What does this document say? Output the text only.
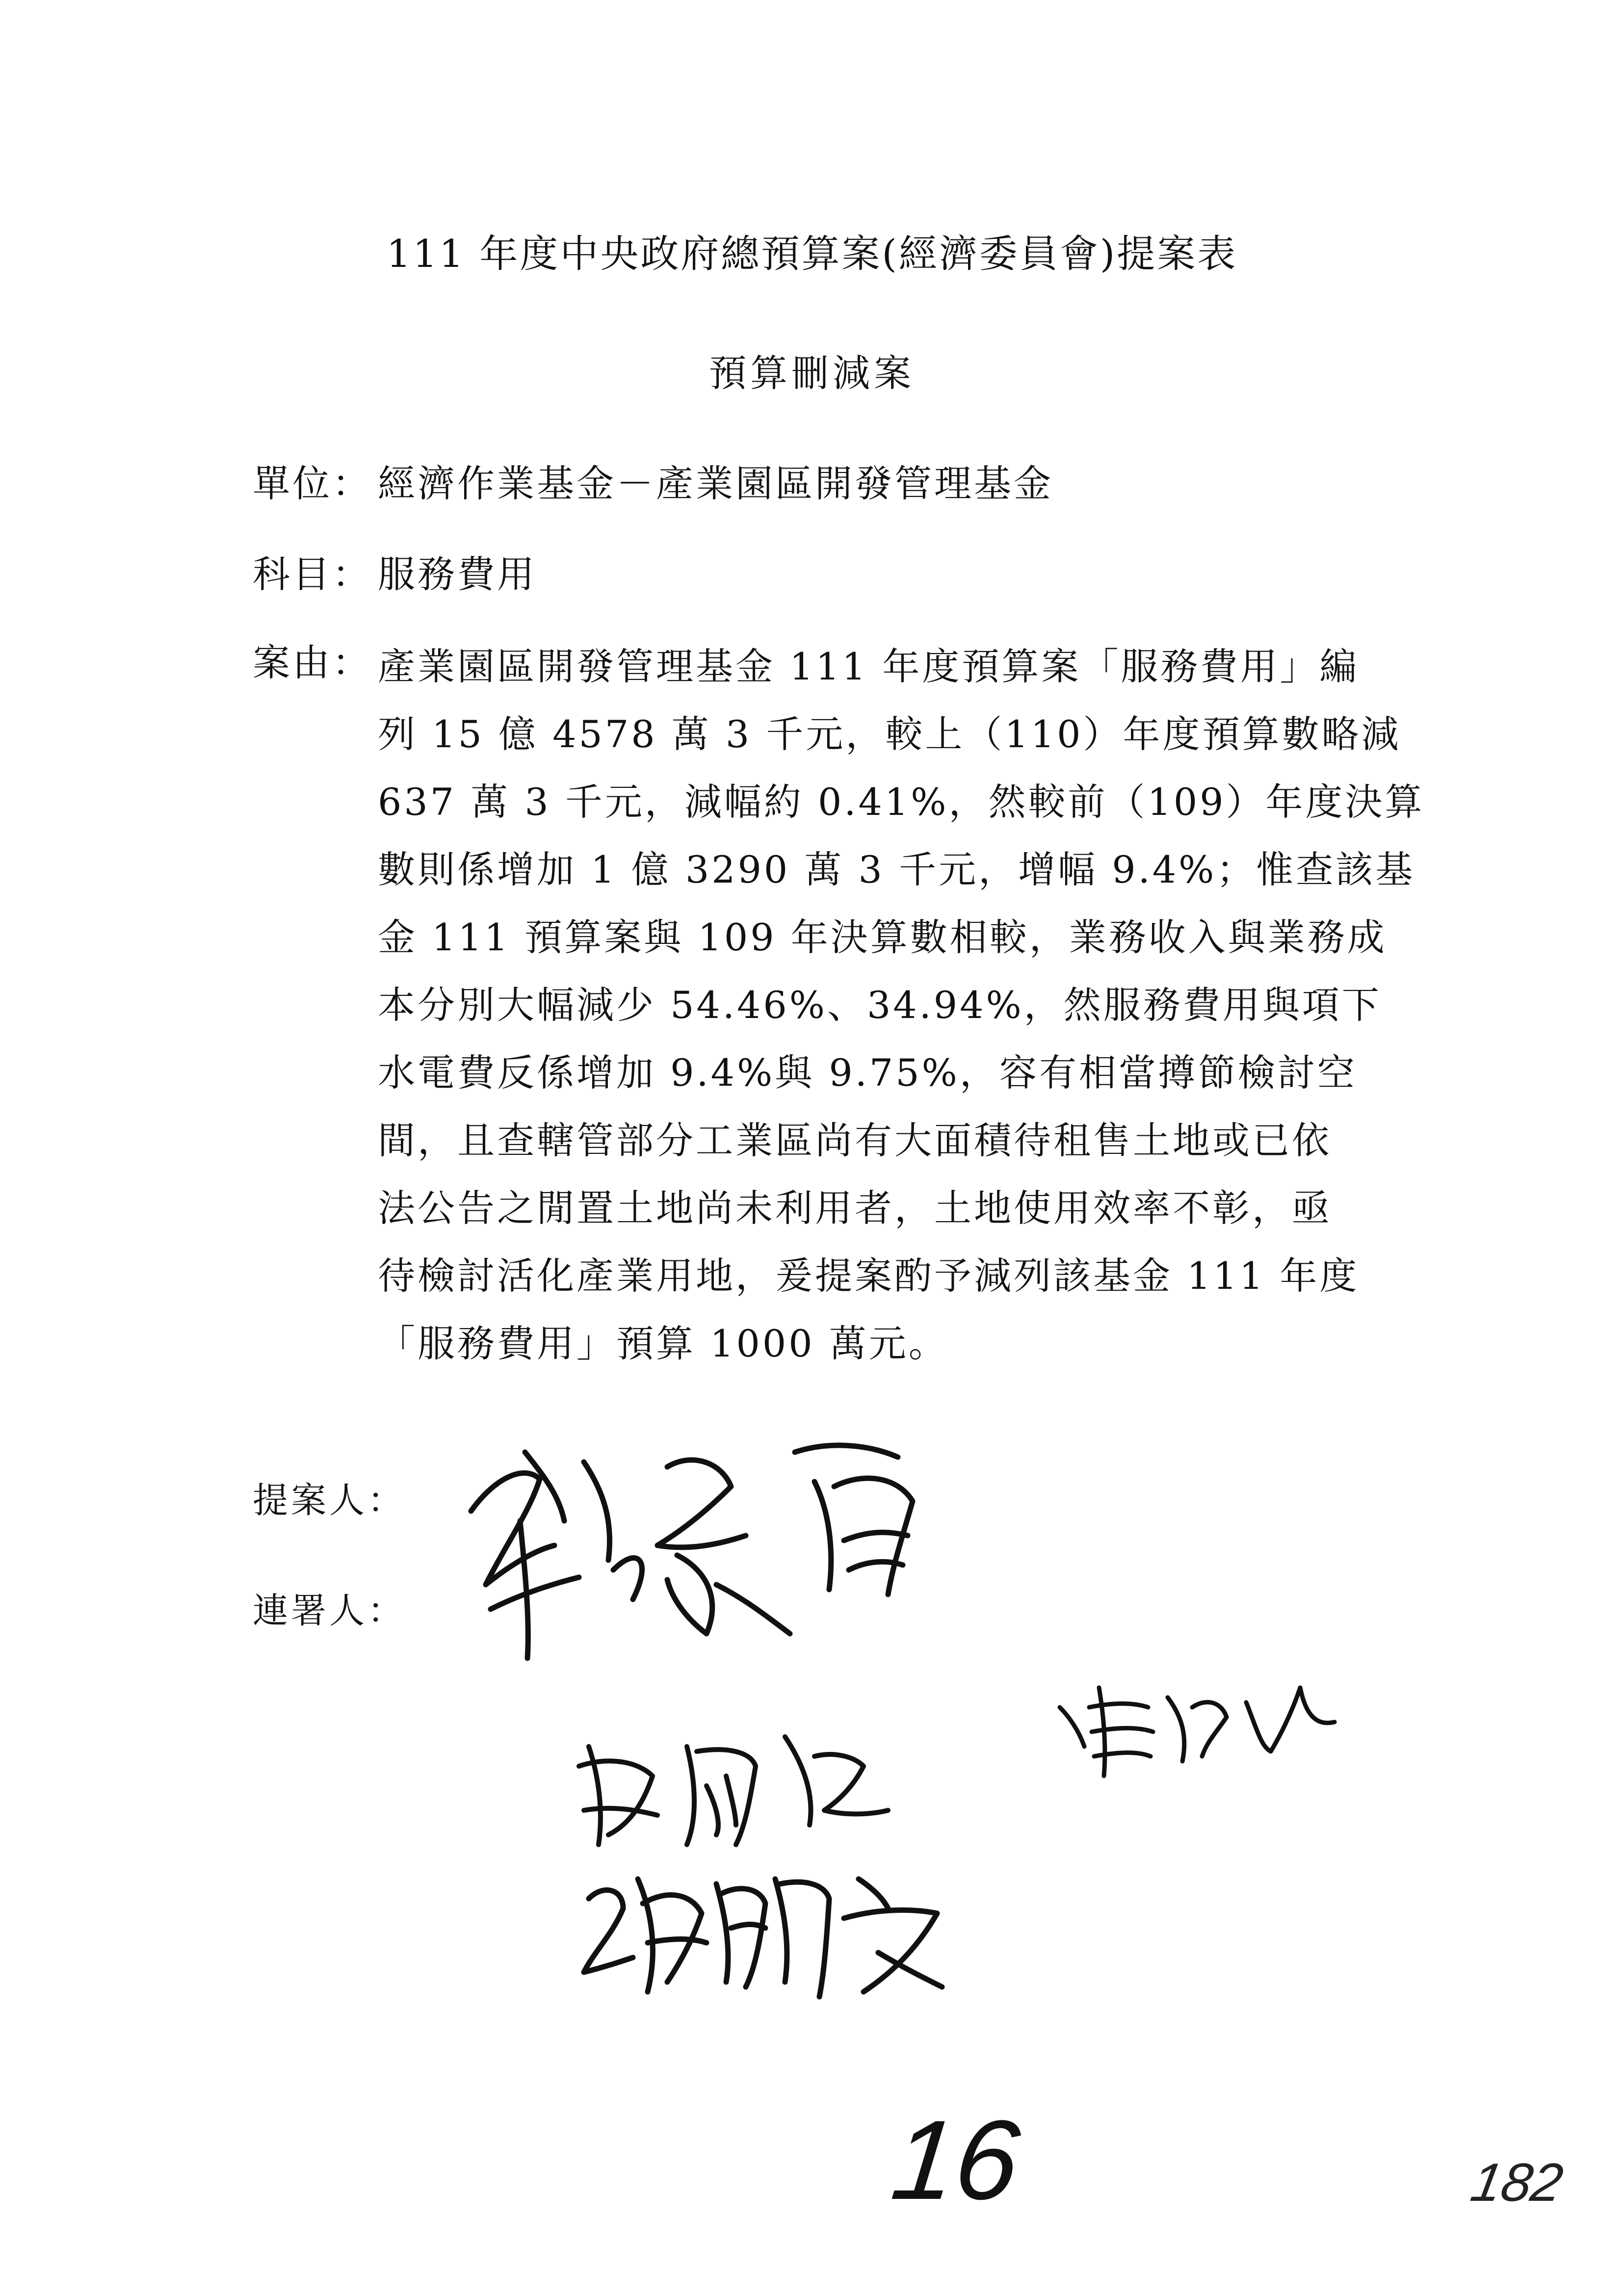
111 年度中央政府總預算案(經濟委員會)提案表
預算刪減案
單位： 經濟作業基金－產業園區開發管理基金
科目： 服務費用
案由： 產業園區開發管理基金 111 年度預算案「服務費用」編
列 15 億 4578 萬 3 千元，較上（110）年度預算數略減
637 萬 3 千元，減幅約 0.41%，然較前（109）年度決算
數則係增加 1 億 3290 萬 3 千元，增幅 9.4%；惟查該基
金 111 預算案與 109 年決算數相較，業務收入與業務成
本分別大幅減少 54.46%、34.94%，然服務費用與項下
水電費反係增加 9.4%與 9.75%，容有相當撙節檢討空
間，且查轄管部分工業區尚有大面積待租售土地或已依
法公告之閒置土地尚未利用者，土地使用效率不彰，亟
待檢討活化產業用地，爰提案酌予減列該基金 111 年度
「服務費用」預算 1000 萬元。
提案人：
連署人：
16	182
